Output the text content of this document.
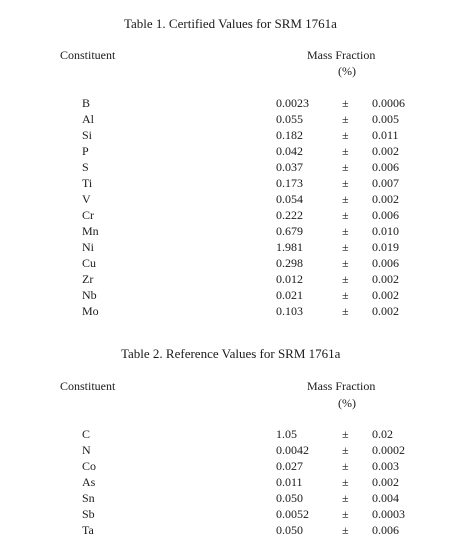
Table 1. Certified Values for SRM 1761a
Constituent	Mass Fraction
(%)
B	0.0023	± 0.0006
Al	0.055	± 0.005
Si	0.182	± 0.011
P	0.042	± 0.002
S	0.037	± 0.006
Ti	0.173	± 0.007
V	0.054	± 0.002
Cr	0.222	± 0.006
Mn	0.679	± 0.010
Ni	1.981	± 0.019
Cu	0.298	± 0.006
Zr	0.012	± 0.002
Nb	0.021	± 0.002
Mo	0.103	± 0.002
Table 2. Reference Values for SRM 1761a
Constituent	Mass Fraction
(%)
C	1.05	± 0.02
N	0.0042	± 0.0002
Co	0.027	± 0.003
As	0.011	± 0.002
Sn	0.050	± 0.004
Sb	0.0052	± 0.0003
Ta	0.050	± 0.006
